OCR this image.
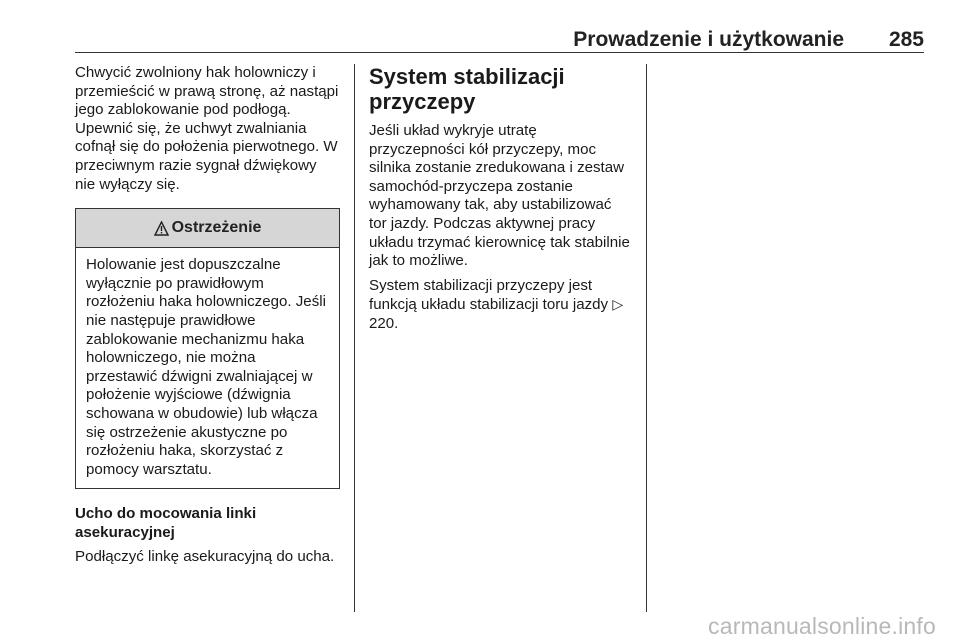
Prowadzenie i użytkowanie 285

Chwycić zwolniony hak holowniczy i przemieścić w prawą stronę, aż nastąpi jego zablokowanie pod podłogą. Upewnić się, że uchwyt zwalniania cofnął się do położenia pierwotnego. W przeciwnym razie sygnał dźwiękowy nie wyłączy się.

Ostrzeżenie

Holowanie jest dopuszczalne wyłącznie po prawidłowym rozłożeniu haka holowniczego. Jeśli nie następuje prawidłowe zablokowanie mechanizmu haka holowniczego, nie można przestawić dźwigni zwalniającej w położenie wyjściowe (dźwignia schowana w obudowie) lub włącza się ostrzeżenie akustyczne po rozłożeniu haka, skorzystać z pomocy warsztatu.

Ucho do mocowania linki asekuracyjnej

Podłączyć linkę asekuracyjną do ucha.

System stabilizacji przyczepy

Jeśli układ wykryje utratę przyczepności kół przyczepy, moc silnika zostanie zredukowana i zestaw samochód-przyczepa zostanie wyhamowany tak, aby ustabilizować tor jazdy. Podczas aktywnej pracy układu trzymać kierownicę tak stabilnie jak to możliwe.

System stabilizacji przyczepy jest funkcją układu stabilizacji toru jazdy ▷ 220.

carmanualsonline.info
